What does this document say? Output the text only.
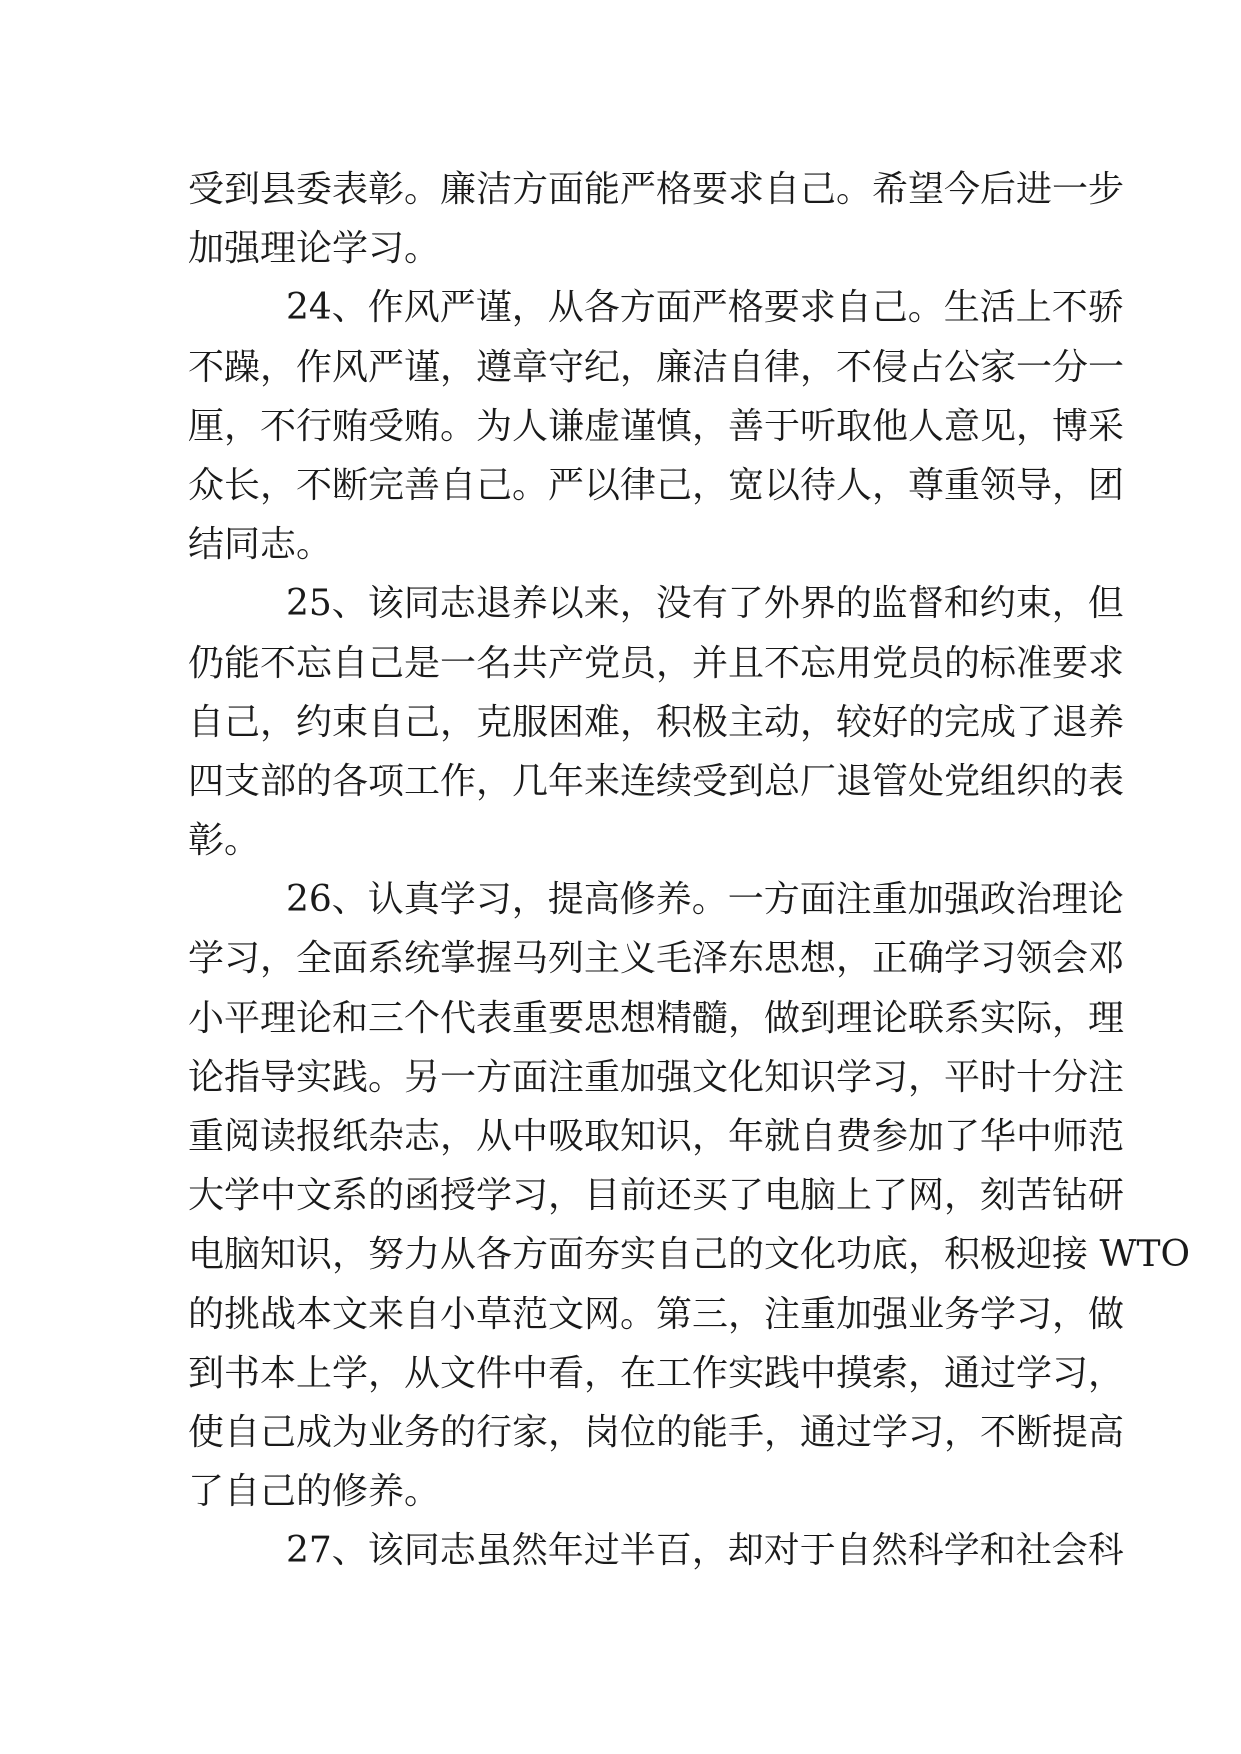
受到县委表彰。廉洁方面能严格要求自己。希望今后进一步
加强理论学习。
24、作风严谨，从各方面严格要求自己。生活上不骄
不躁，作风严谨，遵章守纪，廉洁自律，不侵占公家一分一
厘，不行贿受贿。为人谦虚谨慎，善于听取他人意见，博采
众长，不断完善自己。严以律己，宽以待人，尊重领导，团
结同志。
25、该同志退养以来，没有了外界的监督和约束，但
仍能不忘自己是一名共产党员，并且不忘用党员的标准要求
自己，约束自己，克服困难，积极主动，较好的完成了退养
四支部的各项工作，几年来连续受到总厂退管处党组织的表
彰。
26、认真学习，提高修养。一方面注重加强政治理论
学习，全面系统掌握马列主义毛泽东思想，正确学习领会邓
小平理论和三个代表重要思想精髓，做到理论联系实际，理
论指导实践。另一方面注重加强文化知识学习，平时十分注
重阅读报纸杂志，从中吸取知识，年就自费参加了华中师范
大学中文系的函授学习，目前还买了电脑上了网，刻苦钻研
电脑知识，努力从各方面夯实自己的文化功底，积极迎接 WTO
的挑战本文来自小草范文网。第三，注重加强业务学习，做
到书本上学，从文件中看，在工作实践中摸索，通过学习，
使自己成为业务的行家，岗位的能手，通过学习，不断提高
了自己的修养。
27、该同志虽然年过半百，却对于自然科学和社会科
